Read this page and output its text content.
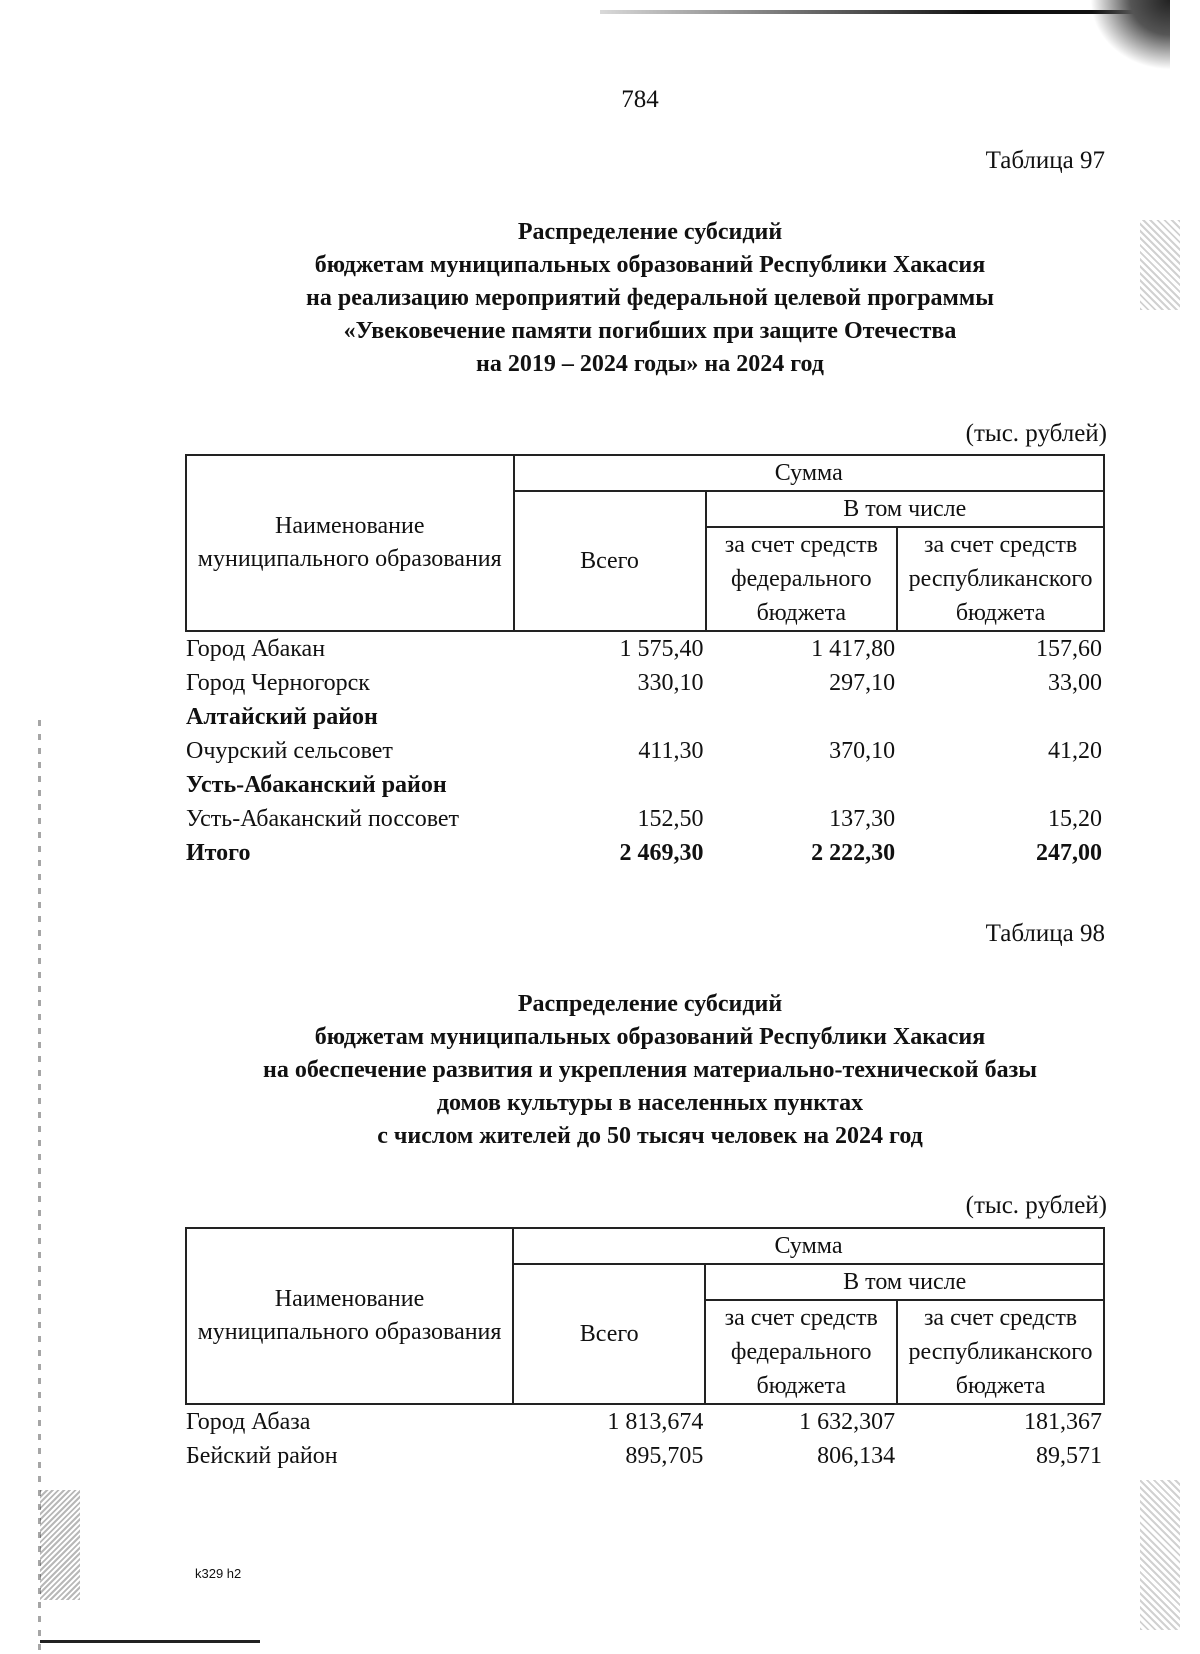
784
Таблица 97
Распределение субсидий
бюджетам муниципальных образований Республики Хакасия
на реализацию мероприятий федеральной целевой программы
«Увековечение памяти погибших при защите Отечества
на 2019 – 2024 годы» на 2024 год
(тыс. рублей)
Наименование муниципального образования	Сумма		
	Всего	В том числе	
		за счет средств федерального бюджета	за счет средств республиканского бюджета
Город Абакан	1 575,40	1 417,80	157,60
Город Черногорск	330,10	297,10	33,00
Алтайский район			
Очурский сельсовет	411,30	370,10	41,20
Усть-Абаканский район			
Усть-Абаканский поссовет	152,50	137,30	15,20
Итого	2 469,30	2 222,30	247,00
Таблица 98
Распределение субсидий
бюджетам муниципальных образований Республики Хакасия
на обеспечение развития и укрепления материально-технической базы
домов культуры в населенных пунктах
с числом жителей до 50 тысяч человек на 2024 год
(тыс. рублей)
Наименование муниципального образования	Сумма		
	Всего	В том числе	
		за счет средств федерального бюджета	за счет средств республиканского бюджета
Город Абаза	1 813,674	1 632,307	181,367
Бейский район	895,705	806,134	89,571
k329 h2
